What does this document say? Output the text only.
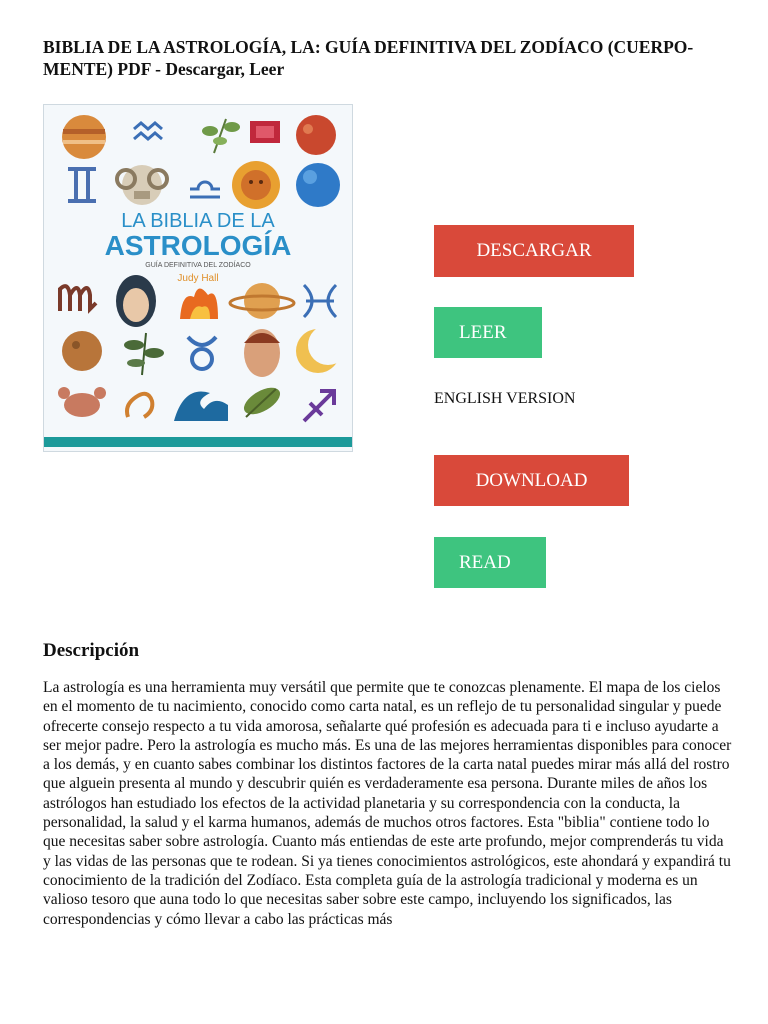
BIBLIA DE LA ASTROLOGÍA, LA: GUÍA DEFINITIVA DEL ZODÍACO (CUERPO-MENTE) PDF - Descargar, Leer
LA BIBLIA DE LA
ASTROLOGÍA
GUÍA DEFINITIVA DEL ZODÍACO
Judy Hall
DESCARGAR
LEER
ENGLISH VERSION
DOWNLOAD
READ
Descripción

La astrología es una herramienta muy versátil que permite que te conozcas plenamente. El mapa de los cielos en el momento de tu nacimiento, conocido como carta natal, es un reflejo de tu personalidad singular y puede ofrecerte consejo respecto a tu vida amorosa, señalarte qué profesión es adecuada para ti e incluso ayudarte a ser mejor padre. Pero la astrología es mucho más. Es una de las mejores herramientas disponibles para conocer a los demás, y en cuanto sabes combinar los distintos factores de la carta natal puedes mirar más allá del rostro que alguein presenta al mundo y descubrir quién es verdaderamente esa persona. Durante miles de años los astrólogos han estudiado los efectos de la actividad planetaria y su correspondencia con la conducta, la personalidad, la salud y el karma humanos, además de muchos otros factores. Esta "biblia" contiene todo lo que necesitas saber sobre astrología. Cuanto más entiendas de este arte profundo, mejor comprenderás tu vida y las vidas de las personas que te rodean. Si ya tienes conocimientos astrológicos, este ahondará y expandirá tu conocimiento de la tradición del Zodíaco. Esta completa guía de la astrología tradicional y moderna es un valioso tesoro que auna todo lo que necesitas saber sobre este campo, incluyendo los significados, las correspondencias y cómo llevar a cabo las prácticas más
